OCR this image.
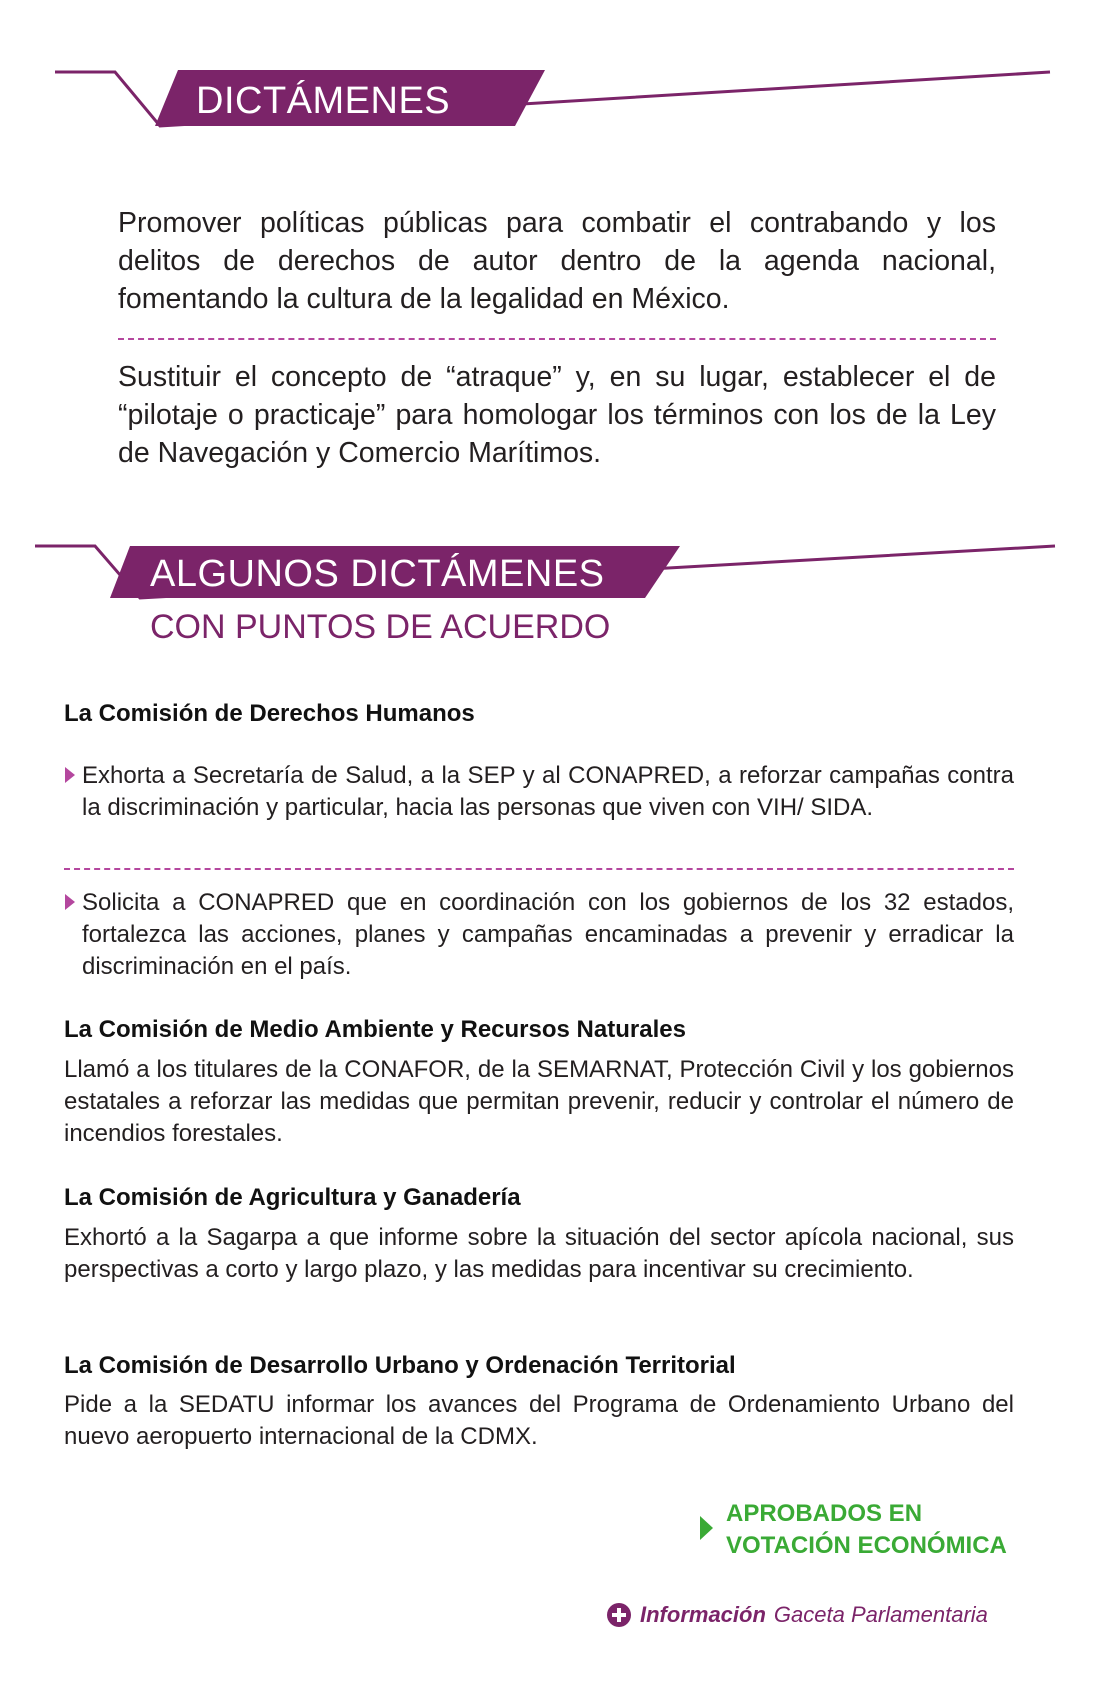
DICTÁMENES

Promover políticas públicas para combatir el contrabando y los delitos de derechos de autor dentro de la agenda nacional, fomentando la cultura de la legalidad en México.

Sustituir el concepto de “atraque” y, en su lugar, establecer el de “pilotaje o practicaje” para homologar los términos con los de la Ley de Navegación y Comercio Marítimos.

ALGUNOS DICTÁMENES
CON PUNTOS DE ACUERDO
La Comisión de Derechos Humanos

Exhorta a Secretaría de Salud, a la SEP y al CONAPRED, a reforzar campañas contra la discriminación y particular, hacia las personas que viven con VIH/ SIDA.

Solicita a CONAPRED que en coordinación con los gobiernos de los 32 estados, fortalezca las acciones, planes y campañas encaminadas a prevenir y erradicar la discriminación en el país.

La Comisión de Medio Ambiente y Recursos Naturales

Llamó a los titulares de la CONAFOR, de la SEMARNAT, Protección Civil y los gobiernos estatales a reforzar las medidas que permitan prevenir, reducir y controlar el número de incendios forestales.

La Comisión de Agricultura y Ganadería

Exhortó a la Sagarpa a que informe sobre la situación del sector apícola nacional, sus perspectivas a corto y largo plazo, y las medidas para incentivar su crecimiento.

La Comisión de Desarrollo Urbano y Ordenación Territorial

Pide a la SEDATU informar los avances del Programa de Ordenamiento Urbano del nuevo aeropuerto internacional de la CDMX.

APROBADOS EN
VOTACIÓN ECONÓMICA
Información Gaceta Parlamentaria
